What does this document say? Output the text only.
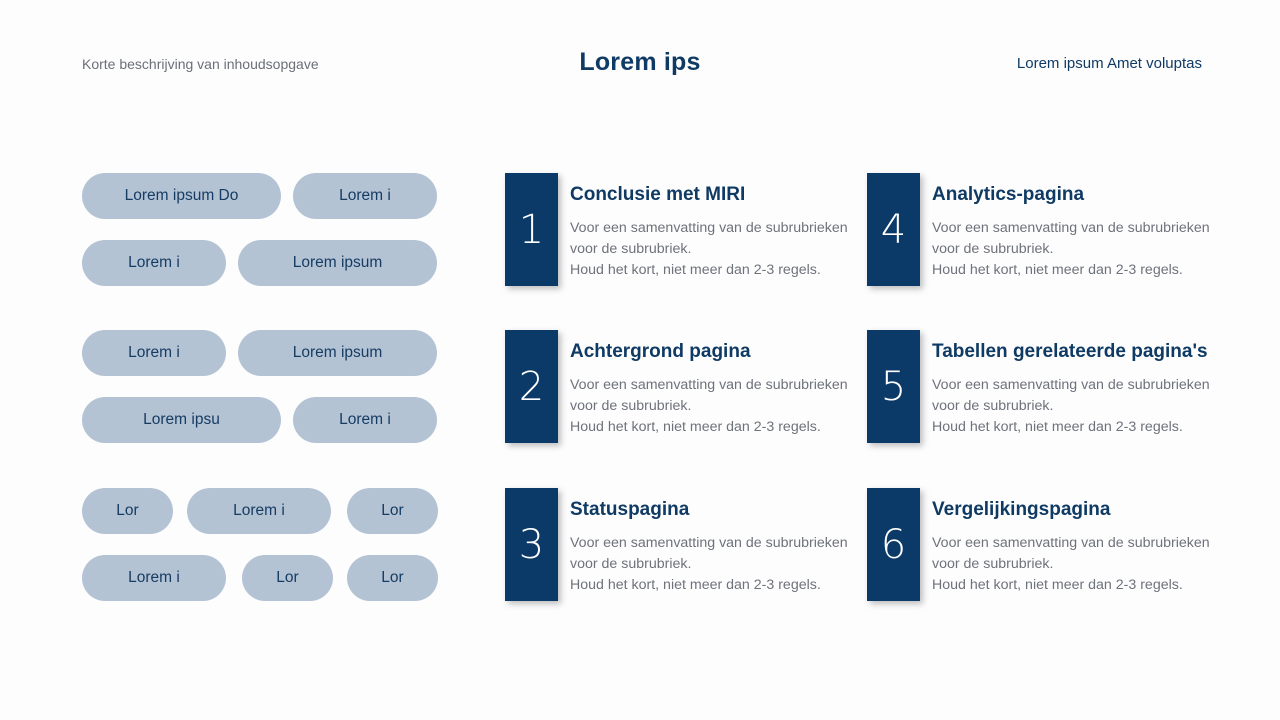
Korte beschrijving van inhoudsopgave	Lorem ips	Lorem ipsum Amet voluptas
Lorem ipsum Do	Lorem i
Lorem i	Lorem ipsum
Lorem i	Lorem ipsum
Lorem ipsu	Lorem i
Lor	Lorem i	Lor
Lorem i	Lor	Lor
1
Conclusie met MIRI
Voor een samenvatting van de subrubrieken
voor de subrubriek.
Houd het kort, niet meer dan 2-3 regels.
2
Achtergrond pagina
Voor een samenvatting van de subrubrieken
voor de subrubriek.
Houd het kort, niet meer dan 2-3 regels.
3
Statuspagina
Voor een samenvatting van de subrubrieken
voor de subrubriek.
Houd het kort, niet meer dan 2-3 regels.
4
Analytics-pagina
Voor een samenvatting van de subrubrieken
voor de subrubriek.
Houd het kort, niet meer dan 2-3 regels.
5
Tabellen gerelateerde pagina's
Voor een samenvatting van de subrubrieken
voor de subrubriek.
Houd het kort, niet meer dan 2-3 regels.
6
Vergelijkingspagina
Voor een samenvatting van de subrubrieken
voor de subrubriek.
Houd het kort, niet meer dan 2-3 regels.
